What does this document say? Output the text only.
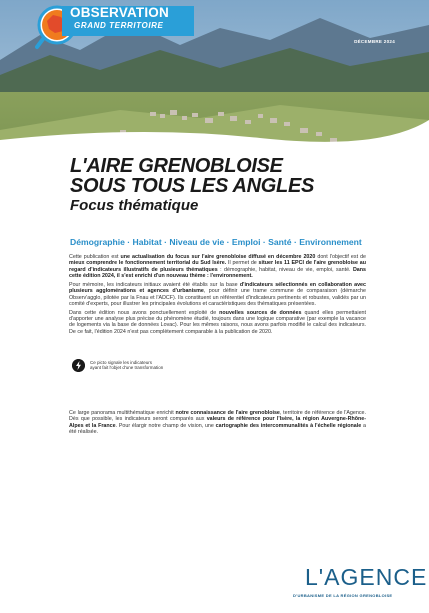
OBSERVATION
GRAND TERRITOIRE
DÉCEMBRE 2024
L'AIRE GRENOBLOISE
SOUS TOUS LES ANGLES
Focus thématique
Démographie · Habitat · Niveau de vie · Emploi · Santé · Environnement

Cette publication est une actualisation du focus sur l'aire grenobloise diffusé en décembre 2020 dont l'objectif est de mieux comprendre le fonctionnement territorial du Sud Isère. Il permet de situer les 11 EPCI de l'aire grenobloise au regard d'indicateurs illustratifs de plusieurs thématiques : démographie, habitat, niveau de vie, emploi, santé. Dans cette édition 2024, il s'est enrichi d'un nouveau thème : l'environnement.

Pour mémoire, les indicateurs initiaux avaient été établis sur la base d'indicateurs sélectionnés en collaboration avec plusieurs agglomérations et agences d'urbanisme, pour définir une trame commune de comparaison (démarche Observ'agglo, pilotée par la Fnau et l'ADCF). Ils constituent un référentiel d'indicateurs pertinents et robustes, validés par un comité d'experts, pour illustrer les principales évolutions et caractéristiques des thématiques présentées.

Dans cette édition nous avons ponctuellement exploité de nouvelles sources de données quand elles permettaient d'apporter une analyse plus précise du phénomène étudié, toujours dans une logique comparative (par exemple la vacance de logements via la base de données Lovac). Pour les mêmes raisons, nous avons parfois modifié le calcul des indicateurs. De ce fait, l'édition 2024 n'est pas complètement comparable à la publication de 2020.

Ce picto signale les indicateurs
ayant fait l'objet d'une transformation
Ce large panorama multithématique enrichit notre connaissance de l'aire grenobloise, territoire de référence de l'Agence. Dès que possible, les indicateurs seront comparés aux valeurs de référence pour l'Isère, la région Auvergne-Rhône-Alpes et la France. Pour élargir notre champ de vision, une cartographie des intercommunalités à l'échelle régionale a été réalisée.
L'AGENCE
D'URBANISME DE LA RÉGION GRENOBLOISE
